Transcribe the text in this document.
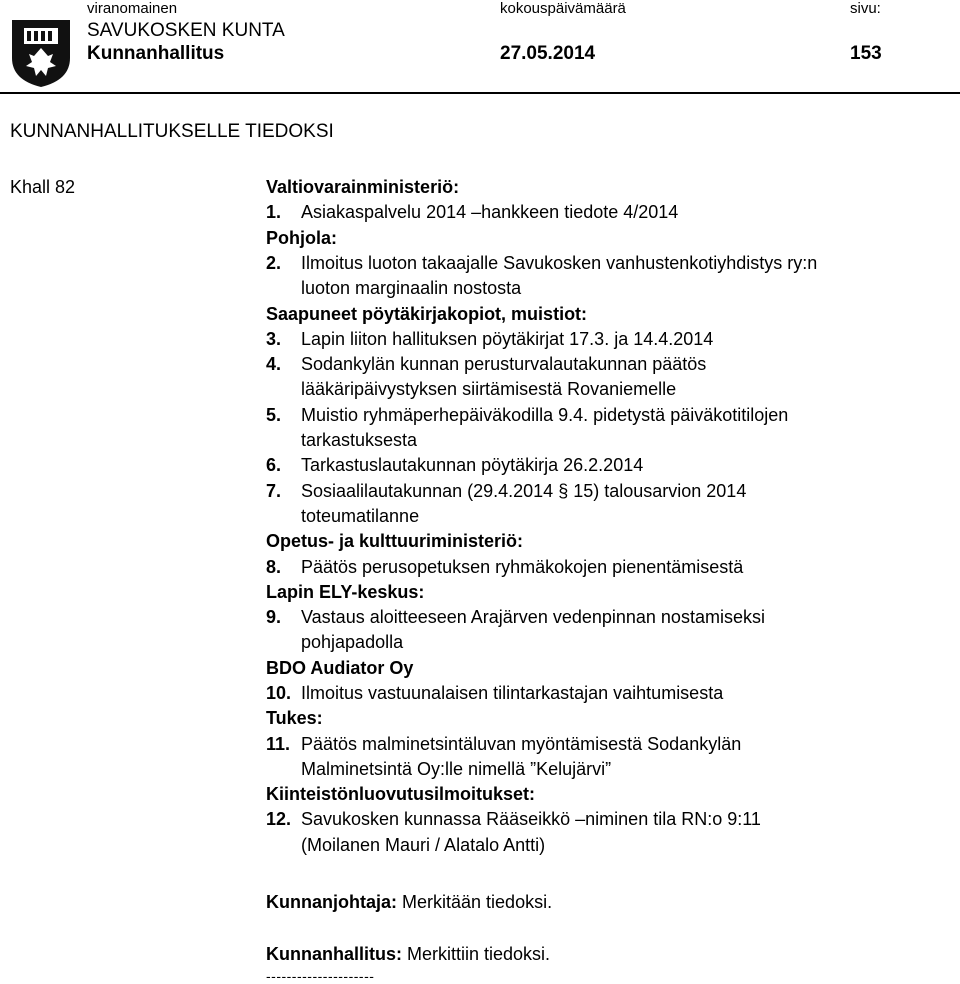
viranomainen	kokouspäivämäärä	sivu:
SAVUKOSKEN KUNTA
Kunnanhallitus	27.05.2014	153
KUNNANHALLITUKSELLE TIEDOKSI
Khall 82	Valtiovarainministeriö:
1. Asiakaspalvelu 2014 –hankkeen tiedote 4/2014
Pohjola:
2. Ilmoitus luoton takaajalle Savukosken vanhustenkotiyhdistys ry:n
luoton marginaalin nostosta
Saapuneet pöytäkirjakopiot, muistiot:
3. Lapin liiton hallituksen pöytäkirjat 17.3. ja 14.4.2014
4. Sodankylän kunnan perusturvalautakunnan päätös
lääkäripäivystyksen siirtämisestä Rovaniemelle
5. Muistio ryhmäperhepäiväkodilla 9.4. pidetystä päiväkotitilojen
tarkastuksesta
6. Tarkastuslautakunnan pöytäkirja 26.2.2014
7. Sosiaalilautakunnan (29.4.2014 § 15) talousarvion 2014
toteumatilanne
Opetus- ja kulttuuriministeriö:
8. Päätös perusopetuksen ryhmäkokojen pienentämisestä
Lapin ELY-keskus:
9. Vastaus aloitteeseen Arajärven vedenpinnan nostamiseksi
pohjapadolla
BDO Audiator Oy
10. Ilmoitus vastuunalaisen tilintarkastajan vaihtumisesta
Tukes:
11. Päätös malminetsintäluvan myöntämisestä Sodankylän
Malminetsintä Oy:lle nimellä ”Kelujärvi”
Kiinteistönluovutusilmoitukset:
12. Savukosken kunnassa Rääseikkö –niminen tila RN:o 9:11
(Moilanen Mauri / Alatalo Antti)
Kunnanjohtaja: Merkitään tiedoksi.
Kunnanhallitus: Merkittiin tiedoksi.
---------------------
